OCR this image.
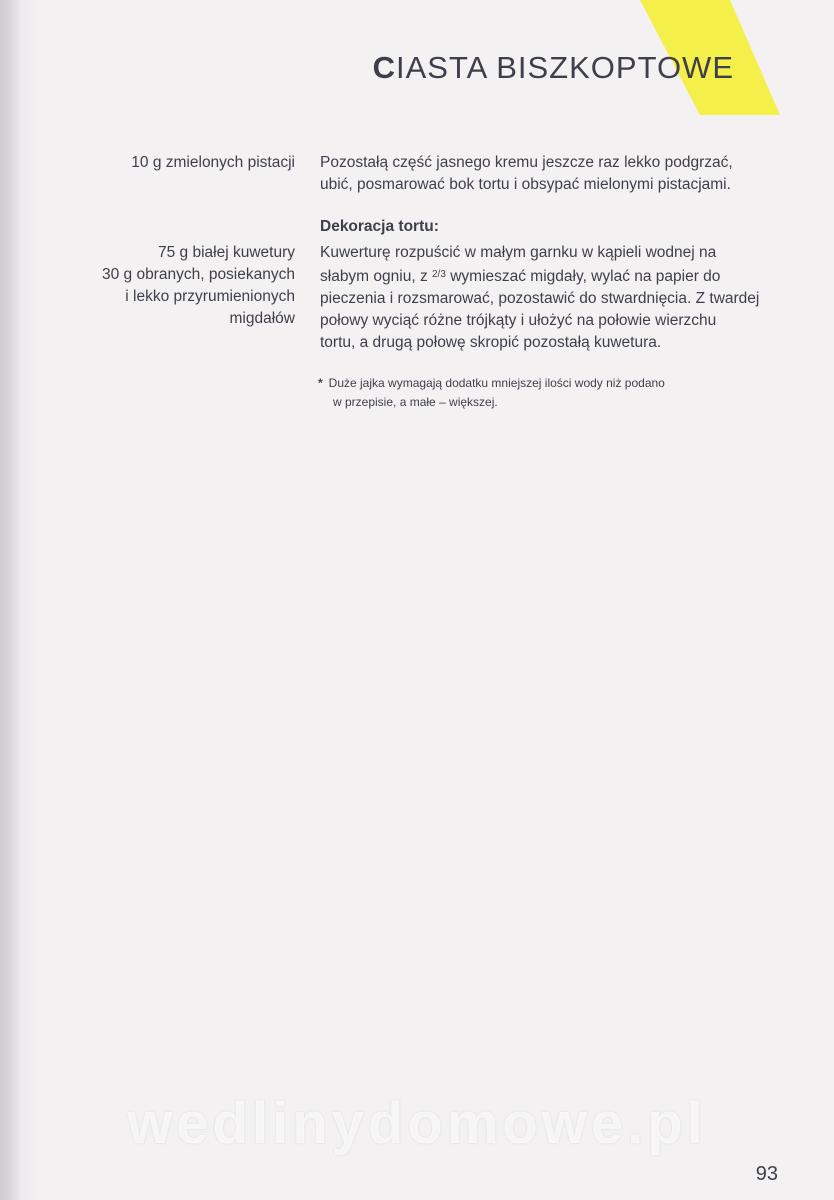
CIASTA BISZKOPTOWE
10 g zmielonych pistacji Pozostałą część jasnego kremu jeszcze raz lekko podgrzać,
ubić, posmarować bok tortu i obsypać mielonymi pistacjami.
Dekoracja tortu:
75 g białej kuwetury
30 g obranych, posiekanych
i lekko przyrumienionych
migdałów
Kuwerturę rozpuścić w małym garnku w kąpieli wodnej na
słabym ogniu, z $^{2/3}$ wymieszać migdały, wylać na papier do
pieczenia i rozsmarować, pozostawić do stwardnięcia. Z twardej
połowy wyciąć różne trójkąty i ułożyć na połowie wierzchu
tortu, a drugą połowę skropić pozostałą kuwetura.
* Duże jajka wymagają dodatku mniejszej ilości wody niż podano
w przepisie, a małe – większej.
wedlinydomowe.pl
93
